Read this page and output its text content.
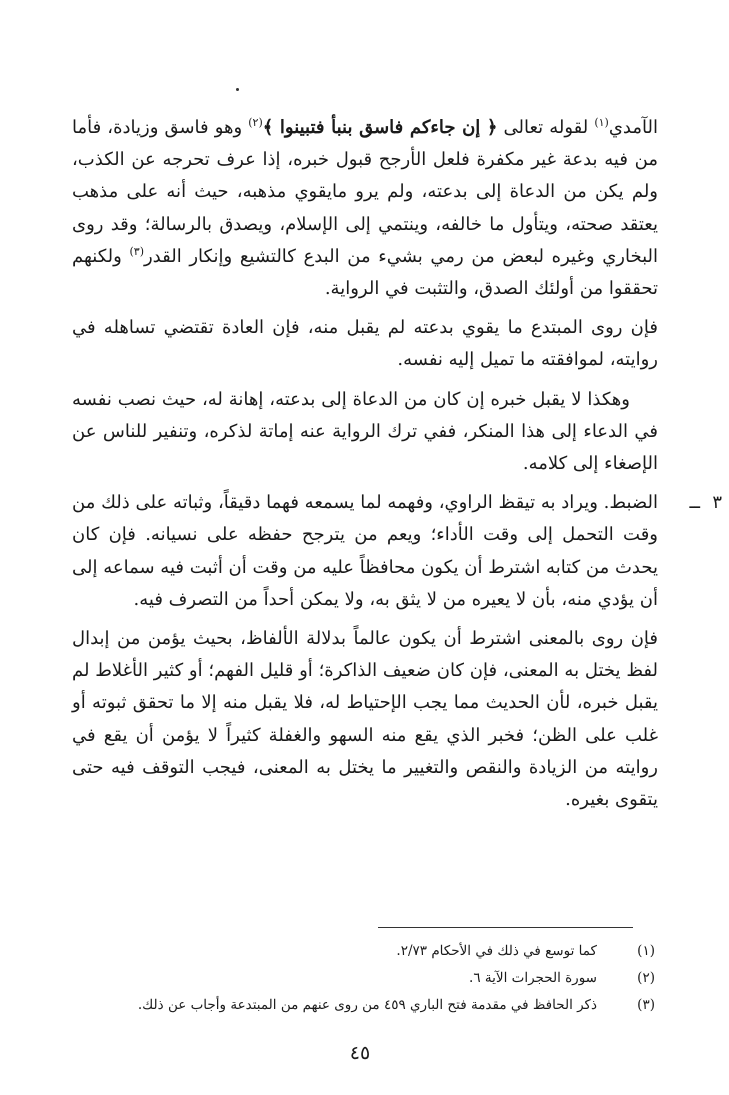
الآمدي$^{(١)}$ لقوله تعالى ﴿ إن جاءكم فاسق بنبأ فتبينوا ﴾$^{(٢)}$ وهو فاسق وزيادة، فأما من فيه بدعة غير مكفرة فلعل الأرجح قبول خبره، إذا عرف تحرجه عن الكذب، ولم يكن من الدعاة إلى بدعته، ولم يرو مايقوي مذهبه، حيث أنه على مذهب يعتقد صحته، ويتأول ما خالفه، وينتمي إلى الإسلام، ويصدق بالرسالة؛ وقد روى البخاري وغيره لبعض من رمي بشيء من البدع كالتشيع وإنكار القدر$^{(٣)}$ ولكنهم تحققوا من أولئك الصدق، والتثبت في الرواية.

فإن روى المبتدع ما يقوي بدعته لم يقبل منه، فإن العادة تقتضي تساهله في روايته، لموافقته ما تميل إليه نفسه.

وهكذا لا يقبل خبره إن كان من الدعاة إلى بدعته، إهانة له، حيث نصب نفسه في الدعاء إلى هذا المنكر، ففي ترك الرواية عنه إماتة لذكره، وتنفير للناس عن الإصغاء إلى كلامه.

٣
ــ

الضبط. ويراد به تيقظ الراوي، وفهمه لما يسمعه فهما دقيقاً، وثباته على ذلك من وقت التحمل إلى وقت الأداء؛ ويعم من يترجح حفظه على نسيانه. فإن كان يحدث من كتابه اشترط أن يكون محافظاً عليه من وقت أن أثبت فيه سماعه إلى أن يؤدي منه، بأن لا يعيره من لا يثق به، ولا يمكن أحداً من التصرف فيه.

فإن روى بالمعنى اشترط أن يكون عالماً بدلالة الألفاظ، بحيث يؤمن من إبدال لفظ يختل به المعنى، فإن كان ضعيف الذاكرة؛ أو قليل الفهم؛ أو كثير الأغلاط لم يقبل خبره، لأن الحديث مما يجب الإحتياط له، فلا يقبل منه إلا ما تحقق ثبوته أو غلب على الظن؛ فخبر الذي يقع منه السهو والغفلة كثيراً لا يؤمن أن يقع في روايته من الزيادة والنقص والتغيير ما يختل به المعنى، فيجب التوقف فيه حتى يتقوى بغيره.

(١)
كما توسع في ذلك في الأحكام ٢/٧٣.
(٢)
سورة الحجرات الآية ٦.
(٣)
ذكر الحافظ في مقدمة فتح الباري ٤٥٩ من روى عنهم من المبتدعة وأجاب عن ذلك.
٤٥
